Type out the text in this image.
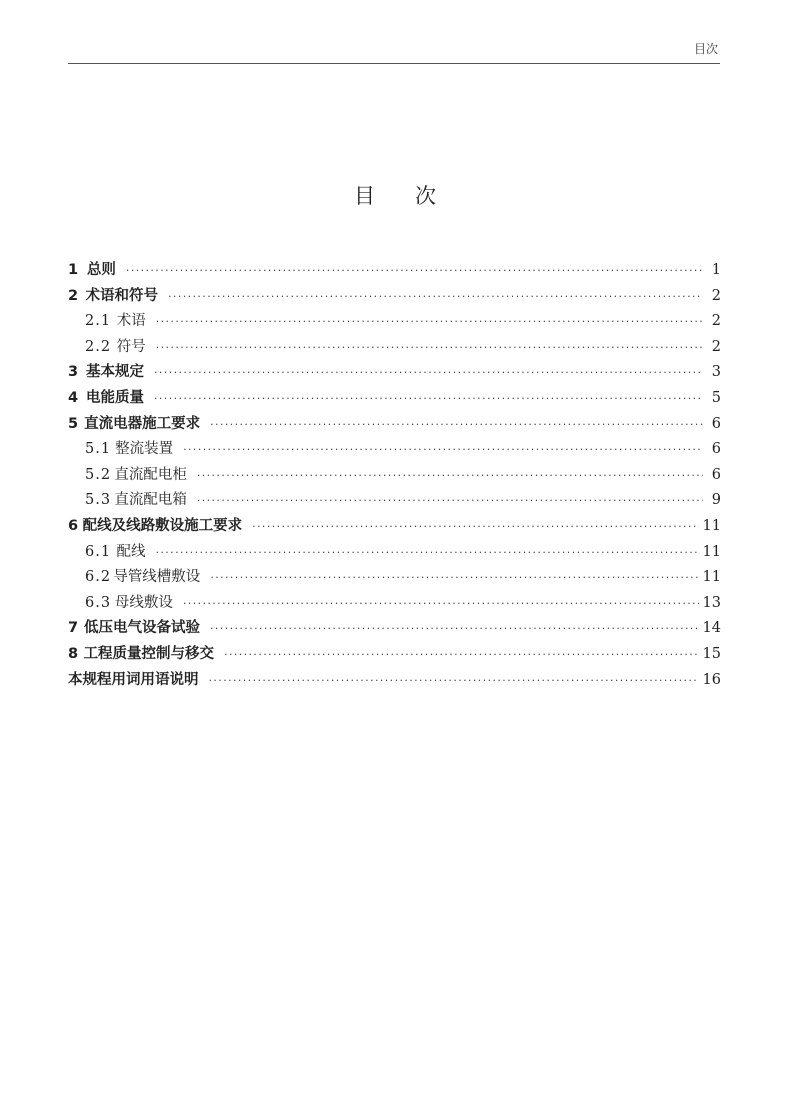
目次
目次
1 总则 ·····	1
2 术语和符号 ·····	2
2.1 术语 ·····	2
2.2 符号 ·····	2
3 基本规定 ·····	3
4 电能质量 ·····	5
5 直流电器施工要求 ·····	6
5.1 整流装置 ·····	6
5.2 直流配电柜 ·····	6
5.3 直流配电箱 ·····	9
6 配线及线路敷设施工要求 ·····	11
6.1 配线 ·····	11
6.2 导管线槽敷设 ·····	11
6.3 母线敷设 ·····	13
7 低压电气设备试验 ·····	14
8 工程质量控制与移交 ·····	15
本规程用词用语说明 ·····	16
